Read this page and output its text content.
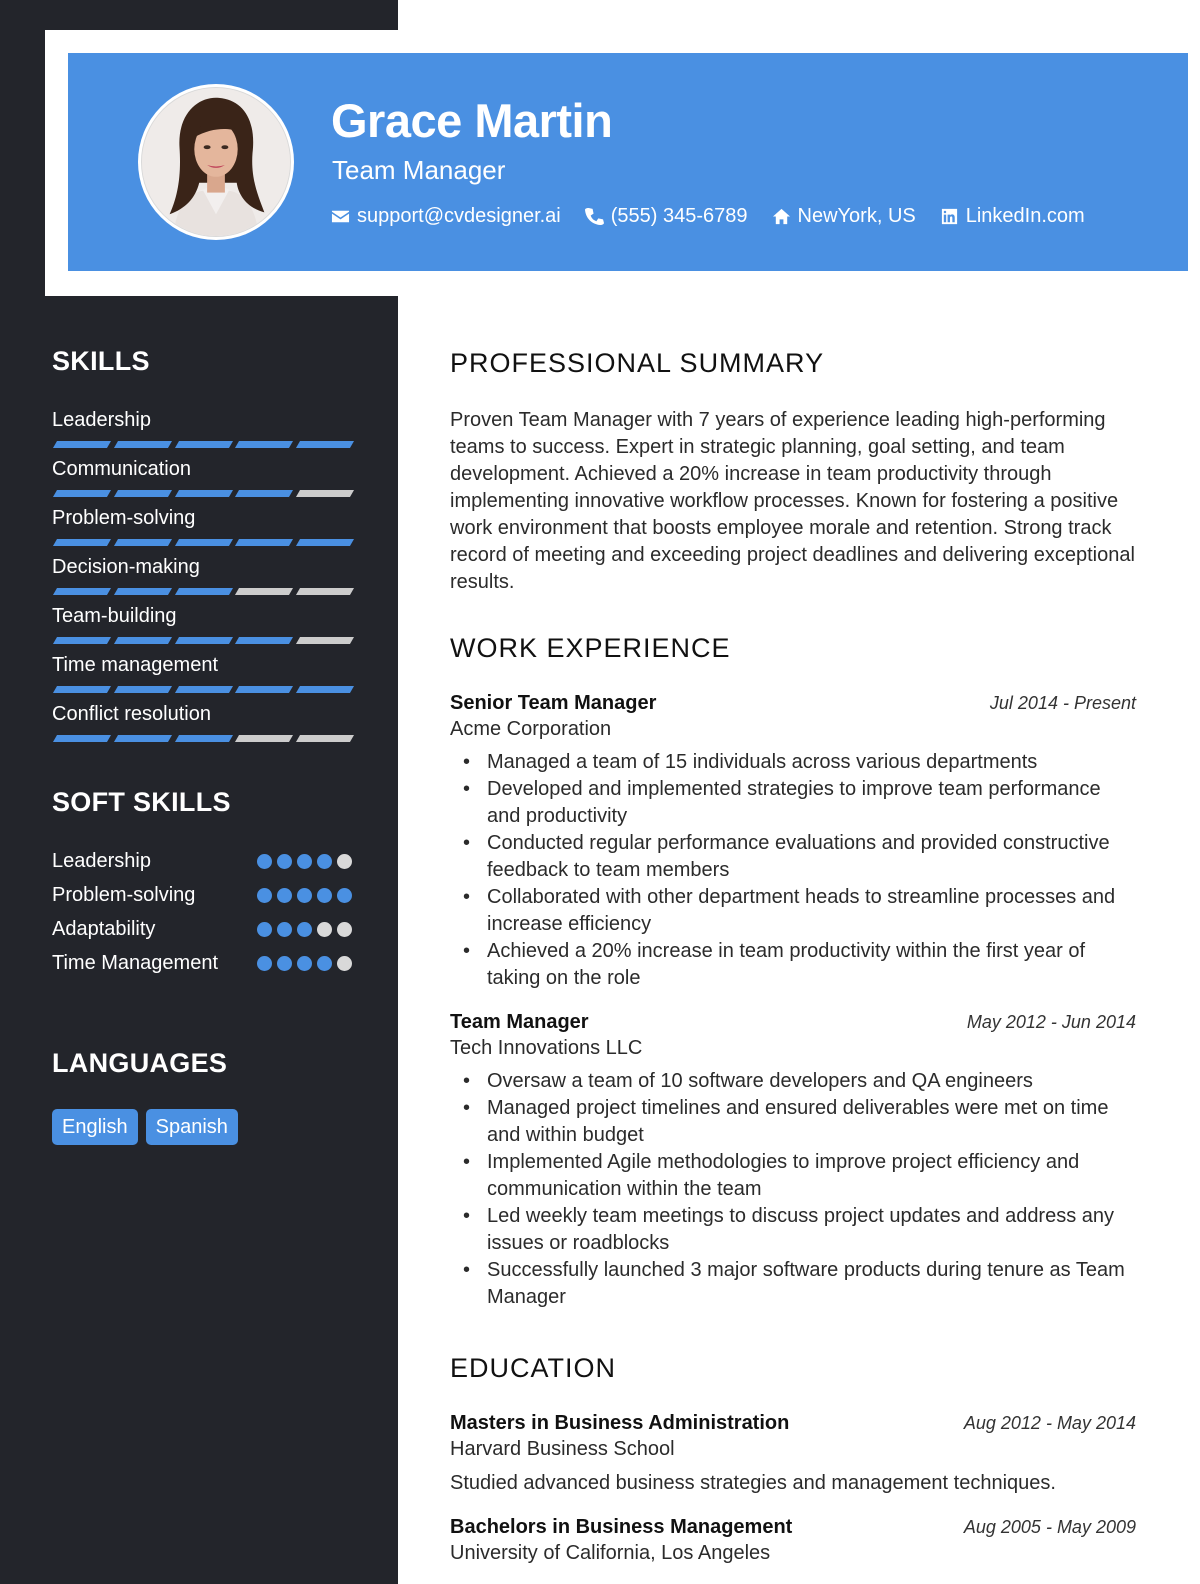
Grace Martin
Team Manager
support@cvdesigner.ai	(555) 345-6789	NewYork, US	LinkedIn.com
SKILLS
Leadership
Communication
Problem-solving
Decision-making
Team-building
Time management
Conflict resolution
SOFT SKILLS
Leadership
Problem-solving
Adaptability
Time Management
LANGUAGES
English	Spanish
PROFESSIONAL SUMMARY
Proven Team Manager with 7 years of experience leading high-performing teams to success. Expert in strategic planning, goal setting, and team development. Achieved a 20% increase in team productivity through implementing innovative workflow processes. Known for fostering a positive work environment that boosts employee morale and retention. Strong track record of meeting and exceeding project deadlines and delivering exceptional results.
WORK EXPERIENCE
Senior Team Manager	Jul 2014 - Present
Acme Corporation
• Managed a team of 15 individuals across various departments
• Developed and implemented strategies to improve team performance and productivity
• Conducted regular performance evaluations and provided constructive feedback to team members
• Collaborated with other department heads to streamline processes and increase efficiency
• Achieved a 20% increase in team productivity within the first year of taking on the role
Team Manager	May 2012 - Jun 2014
Tech Innovations LLC
• Oversaw a team of 10 software developers and QA engineers
• Managed project timelines and ensured deliverables were met on time and within budget
• Implemented Agile methodologies to improve project efficiency and communication within the team
• Led weekly team meetings to discuss project updates and address any issues or roadblocks
• Successfully launched 3 major software products during tenure as Team Manager
EDUCATION
Masters in Business Administration	Aug 2012 - May 2014
Harvard Business School
Studied advanced business strategies and management techniques.
Bachelors in Business Management	Aug 2005 - May 2009
University of California, Los Angeles
